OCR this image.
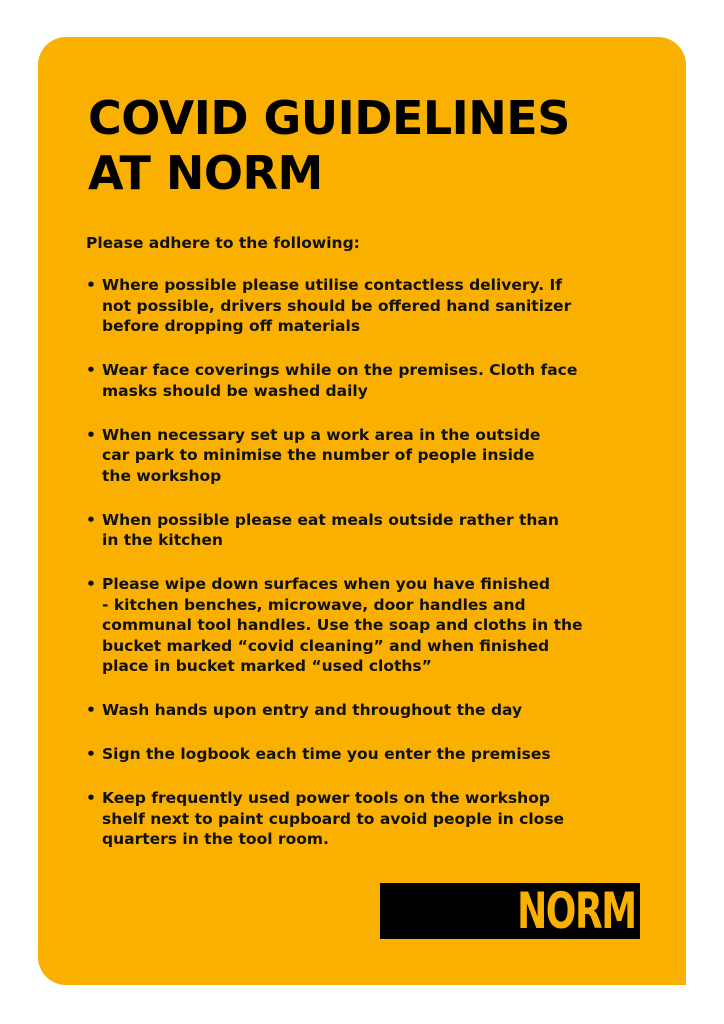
COVID GUIDELINES
AT NORM

Please adhere to the following:

• Where possible please utilise contactless delivery. If
not possible, drivers should be offered hand sanitizer
before dropping off materials
• Wear face coverings while on the premises. Cloth face
masks should be washed daily
• When necessary set up a work area in the outside
car park to minimise the number of people inside
the workshop
• When possible please eat meals outside rather than
in the kitchen
• Please wipe down surfaces when you have finished
- kitchen benches, microwave, door handles and
communal tool handles. Use the soap and cloths in the
bucket marked “covid cleaning” and when finished
place in bucket marked “used cloths”
• Wash hands upon entry and throughout the day
• Sign the logbook each time you enter the premises
• Keep frequently used power tools on the workshop
shelf next to paint cupboard to avoid people in close
quarters in the tool room.
NORM
